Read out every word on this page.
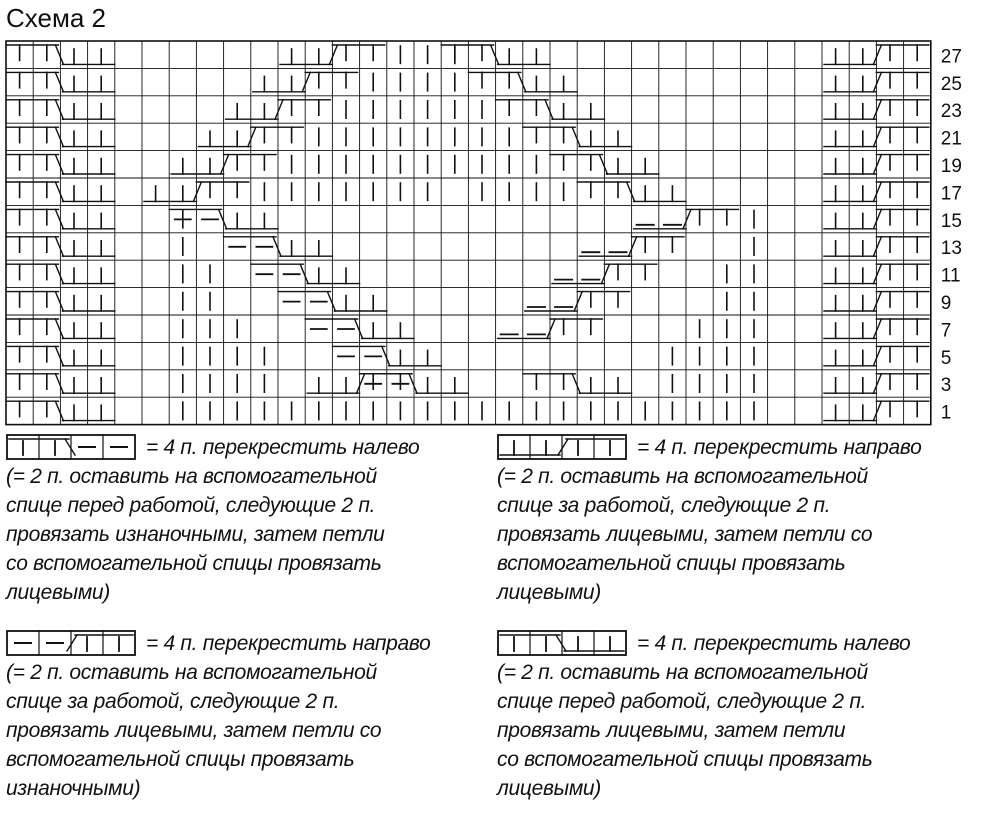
Схема 2
27
25
23
21
19
17
15
13
11
9
7
5
3
1
= 4 п. перекрестить налево
(= 2 п. оставить на вспомогательной
спице перед работой, следующие 2 п.
провязать изнаночными, затем петли
со вспомогательной спицы провязать
лицевыми)
= 4 п. перекрестить направо
(= 2 п. оставить на вспомогательной
спице за работой, следующие 2 п.
провязать лицевыми, затем петли со
вспомогательной спицы провязать
лицевыми)
= 4 п. перекрестить направо
(= 2 п. оставить на вспомогательной
спице за работой, следующие 2 п.
провязать лицевыми, затем петли со
вспомогательной спицы провязать
изнаночными)
= 4 п. перекрестить налево
(= 2 п. оставить на вспомогательной
спице перед работой, следующие 2 п.
провязать лицевыми, затем петли
со вспомогательной спицы провязать
лицевыми)
